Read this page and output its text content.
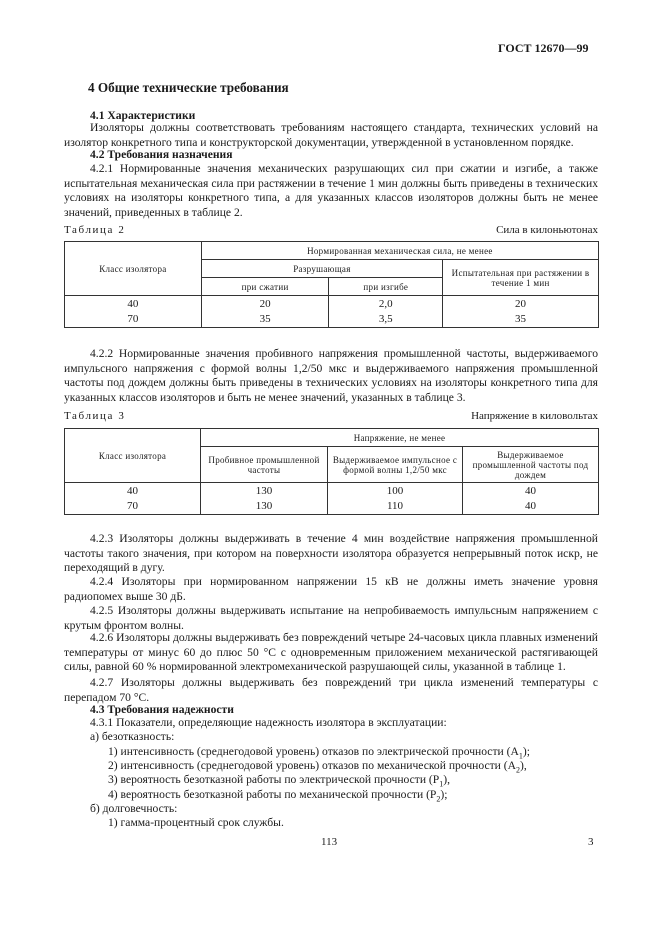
ГОСТ 12670—99
4 Общие технические требования
4.1 Характеристики
Изоляторы должны соответствовать требованиям настоящего стандарта, технических условий на изолятор конкретного типа и конструкторской документации, утвержденной в установленном порядке.
4.2 Требования назначения
4.2.1 Нормированные значения механических разрушающих сил при сжатии и изгибе, а также испытательная механическая сила при растяжении в течение 1 мин должны быть приведены в технических условиях на изоляторы конкретного типа, а для указанных классов изоляторов должны быть не менее значений, приведенных в таблице 2.
Таблица 2	Сила в килоньютонах
Класс изолятора	Нормированная механическая сила, не менее		
	Разрушающая		Испытательная при растяжении в течение 1 мин
	при сжатии	при изгибе	
40	20	2,0	20
70	35	3,5	35
4.2.2 Нормированные значения пробивного напряжения промышленной частоты, выдерживаемого импульсного напряжения с формой волны 1,2/50 мкс и выдерживаемого напряжения промышленной частоты под дождем должны быть приведены в технических условиях на изоляторы конкретного типа для указанных классов изоляторов и быть не менее значений, указанных в таблице 3.
Таблица 3	Напряжение в киловольтах
Класс изолятора	Напряжение, не менее		
	Пробивное промышленной частоты	Выдерживаемое импульсное с формой волны 1,2/50 мкс	Выдерживаемое промышленной частоты под дождем
40	130	100	40
70	130	110	40
4.2.3 Изоляторы должны выдерживать в течение 4 мин воздействие напряжения промышленной частоты такого значения, при котором на поверхности изолятора образуется непрерывный поток искр, не переходящий в дугу.
4.2.4 Изоляторы при нормированном напряжении 15 кВ не должны иметь значение уровня радиопомех выше 30 дБ.
4.2.5 Изоляторы должны выдерживать испытание на непробиваемость импульсным напряжением с крутым фронтом волны.
4.2.6 Изоляторы должны выдерживать без повреждений четыре 24-часовых цикла плавных изменений температуры от минус 60 до плюс 50 °С с одновременным приложением механической растягивающей силы, равной 60 % нормированной электромеханической разрушающей силы, указанной в таблице 1.
4.2.7 Изоляторы должны выдерживать без повреждений три цикла изменений температуры с перепадом 70 °С.
4.3 Требования надежности
4.3.1 Показатели, определяющие надежность изолятора в эксплуатации:
а) безотказность:
1) интенсивность (среднегодовой уровень) отказов по электрической прочности $(A_1)$;
2) интенсивность (среднегодовой уровень) отказов по механической прочности $(A_2)$,
3) вероятность безотказной работы по электрической прочности $(P_1)$,
4) вероятность безотказной работы по механической прочности $(P_2)$;
б) долговечность:
1) гамма-процентный срок службы.
113	3
